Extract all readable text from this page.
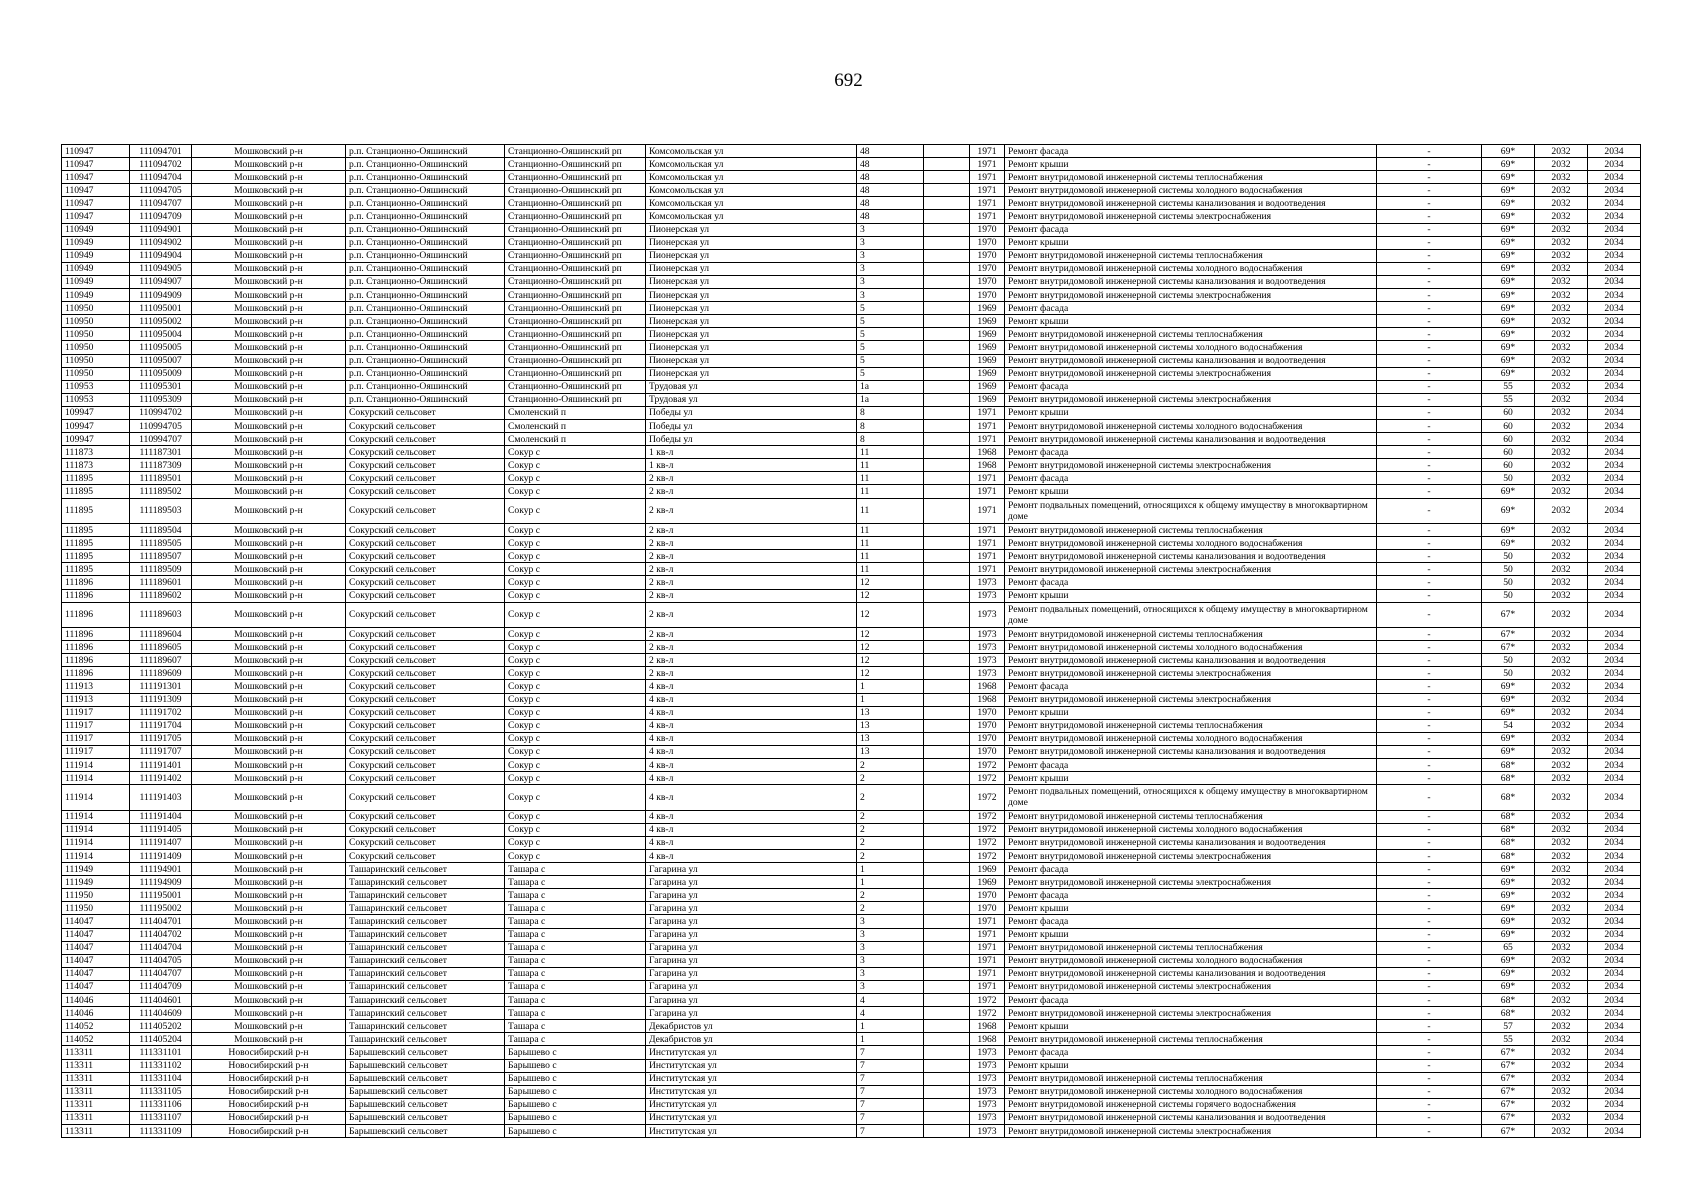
692
110947	111094701	Мошковский р-н	р.п. Станционно-Ояшинский	Станционно-Ояшинский рп	Комсомольская ул	48		1971	Ремонт фасада	-	69*	2032	2034
110947	111094702	Мошковский р-н	р.п. Станционно-Ояшинский	Станционно-Ояшинский рп	Комсомольская ул	48		1971	Ремонт крыши	-	69*	2032	2034
110947	111094704	Мошковский р-н	р.п. Станционно-Ояшинский	Станционно-Ояшинский рп	Комсомольская ул	48		1971	Ремонт внутридомовой инженерной системы теплоснабжения	-	69*	2032	2034
110947	111094705	Мошковский р-н	р.п. Станционно-Ояшинский	Станционно-Ояшинский рп	Комсомольская ул	48		1971	Ремонт внутридомовой инженерной системы холодного водоснабжения	-	69*	2032	2034
110947	111094707	Мошковский р-н	р.п. Станционно-Ояшинский	Станционно-Ояшинский рп	Комсомольская ул	48		1971	Ремонт внутридомовой инженерной системы канализования и водоотведения	-	69*	2032	2034
110947	111094709	Мошковский р-н	р.п. Станционно-Ояшинский	Станционно-Ояшинский рп	Комсомольская ул	48		1971	Ремонт внутридомовой инженерной системы электроснабжения	-	69*	2032	2034
110949	111094901	Мошковский р-н	р.п. Станционно-Ояшинский	Станционно-Ояшинский рп	Пионерская ул	3		1970	Ремонт фасада	-	69*	2032	2034
110949	111094902	Мошковский р-н	р.п. Станционно-Ояшинский	Станционно-Ояшинский рп	Пионерская ул	3		1970	Ремонт крыши	-	69*	2032	2034
110949	111094904	Мошковский р-н	р.п. Станционно-Ояшинский	Станционно-Ояшинский рп	Пионерская ул	3		1970	Ремонт внутридомовой инженерной системы теплоснабжения	-	69*	2032	2034
110949	111094905	Мошковский р-н	р.п. Станционно-Ояшинский	Станционно-Ояшинский рп	Пионерская ул	3		1970	Ремонт внутридомовой инженерной системы холодного водоснабжения	-	69*	2032	2034
110949	111094907	Мошковский р-н	р.п. Станционно-Ояшинский	Станционно-Ояшинский рп	Пионерская ул	3		1970	Ремонт внутридомовой инженерной системы канализования и водоотведения	-	69*	2032	2034
110949	111094909	Мошковский р-н	р.п. Станционно-Ояшинский	Станционно-Ояшинский рп	Пионерская ул	3		1970	Ремонт внутридомовой инженерной системы электроснабжения	-	69*	2032	2034
110950	111095001	Мошковский р-н	р.п. Станционно-Ояшинский	Станционно-Ояшинский рп	Пионерская ул	5		1969	Ремонт фасада	-	69*	2032	2034
110950	111095002	Мошковский р-н	р.п. Станционно-Ояшинский	Станционно-Ояшинский рп	Пионерская ул	5		1969	Ремонт крыши	-	69*	2032	2034
110950	111095004	Мошковский р-н	р.п. Станционно-Ояшинский	Станционно-Ояшинский рп	Пионерская ул	5		1969	Ремонт внутридомовой инженерной системы теплоснабжения	-	69*	2032	2034
110950	111095005	Мошковский р-н	р.п. Станционно-Ояшинский	Станционно-Ояшинский рп	Пионерская ул	5		1969	Ремонт внутридомовой инженерной системы холодного водоснабжения	-	69*	2032	2034
110950	111095007	Мошковский р-н	р.п. Станционно-Ояшинский	Станционно-Ояшинский рп	Пионерская ул	5		1969	Ремонт внутридомовой инженерной системы канализования и водоотведения	-	69*	2032	2034
110950	111095009	Мошковский р-н	р.п. Станционно-Ояшинский	Станционно-Ояшинский рп	Пионерская ул	5		1969	Ремонт внутридомовой инженерной системы электроснабжения	-	69*	2032	2034
110953	111095301	Мошковский р-н	р.п. Станционно-Ояшинский	Станционно-Ояшинский рп	Трудовая ул	1а		1969	Ремонт фасада	-	55	2032	2034
110953	111095309	Мошковский р-н	р.п. Станционно-Ояшинский	Станционно-Ояшинский рп	Трудовая ул	1а		1969	Ремонт внутридомовой инженерной системы электроснабжения	-	55	2032	2034
109947	110994702	Мошковский р-н	Сокурский сельсовет	Смоленский п	Победы ул	8		1971	Ремонт крыши	-	60	2032	2034
109947	110994705	Мошковский р-н	Сокурский сельсовет	Смоленский п	Победы ул	8		1971	Ремонт внутридомовой инженерной системы холодного водоснабжения	-	60	2032	2034
109947	110994707	Мошковский р-н	Сокурский сельсовет	Смоленский п	Победы ул	8		1971	Ремонт внутридомовой инженерной системы канализования и водоотведения	-	60	2032	2034
111873	111187301	Мошковский р-н	Сокурский сельсовет	Сокур с	1 кв-л	11		1968	Ремонт фасада	-	60	2032	2034
111873	111187309	Мошковский р-н	Сокурский сельсовет	Сокур с	1 кв-л	11		1968	Ремонт внутридомовой инженерной системы электроснабжения	-	60	2032	2034
111895	111189501	Мошковский р-н	Сокурский сельсовет	Сокур с	2 кв-л	11		1971	Ремонт фасада	-	50	2032	2034
111895	111189502	Мошковский р-н	Сокурский сельсовет	Сокур с	2 кв-л	11		1971	Ремонт крыши	-	69*	2032	2034
111895	111189503	Мошковский р-н	Сокурский сельсовет	Сокур с	2 кв-л	11		1971	Ремонт подвальных помещений, относящихся к общему имуществу в многоквартирном доме	-	69*	2032	2034
111895	111189504	Мошковский р-н	Сокурский сельсовет	Сокур с	2 кв-л	11		1971	Ремонт внутридомовой инженерной системы теплоснабжения	-	69*	2032	2034
111895	111189505	Мошковский р-н	Сокурский сельсовет	Сокур с	2 кв-л	11		1971	Ремонт внутридомовой инженерной системы холодного водоснабжения	-	69*	2032	2034
111895	111189507	Мошковский р-н	Сокурский сельсовет	Сокур с	2 кв-л	11		1971	Ремонт внутридомовой инженерной системы канализования и водоотведения	-	50	2032	2034
111895	111189509	Мошковский р-н	Сокурский сельсовет	Сокур с	2 кв-л	11		1971	Ремонт внутридомовой инженерной системы электроснабжения	-	50	2032	2034
111896	111189601	Мошковский р-н	Сокурский сельсовет	Сокур с	2 кв-л	12		1973	Ремонт фасада	-	50	2032	2034
111896	111189602	Мошковский р-н	Сокурский сельсовет	Сокур с	2 кв-л	12		1973	Ремонт крыши	-	50	2032	2034
111896	111189603	Мошковский р-н	Сокурский сельсовет	Сокур с	2 кв-л	12		1973	Ремонт подвальных помещений, относящихся к общему имуществу в многоквартирном доме	-	67*	2032	2034
111896	111189604	Мошковский р-н	Сокурский сельсовет	Сокур с	2 кв-л	12		1973	Ремонт внутридомовой инженерной системы теплоснабжения	-	67*	2032	2034
111896	111189605	Мошковский р-н	Сокурский сельсовет	Сокур с	2 кв-л	12		1973	Ремонт внутридомовой инженерной системы холодного водоснабжения	-	67*	2032	2034
111896	111189607	Мошковский р-н	Сокурский сельсовет	Сокур с	2 кв-л	12		1973	Ремонт внутридомовой инженерной системы канализования и водоотведения	-	50	2032	2034
111896	111189609	Мошковский р-н	Сокурский сельсовет	Сокур с	2 кв-л	12		1973	Ремонт внутридомовой инженерной системы электроснабжения	-	50	2032	2034
111913	111191301	Мошковский р-н	Сокурский сельсовет	Сокур с	4 кв-л	1		1968	Ремонт фасада	-	69*	2032	2034
111913	111191309	Мошковский р-н	Сокурский сельсовет	Сокур с	4 кв-л	1		1968	Ремонт внутридомовой инженерной системы электроснабжения	-	69*	2032	2034
111917	111191702	Мошковский р-н	Сокурский сельсовет	Сокур с	4 кв-л	13		1970	Ремонт крыши	-	69*	2032	2034
111917	111191704	Мошковский р-н	Сокурский сельсовет	Сокур с	4 кв-л	13		1970	Ремонт внутридомовой инженерной системы теплоснабжения	-	54	2032	2034
111917	111191705	Мошковский р-н	Сокурский сельсовет	Сокур с	4 кв-л	13		1970	Ремонт внутридомовой инженерной системы холодного водоснабжения	-	69*	2032	2034
111917	111191707	Мошковский р-н	Сокурский сельсовет	Сокур с	4 кв-л	13		1970	Ремонт внутридомовой инженерной системы канализования и водоотведения	-	69*	2032	2034
111914	111191401	Мошковский р-н	Сокурский сельсовет	Сокур с	4 кв-л	2		1972	Ремонт фасада	-	68*	2032	2034
111914	111191402	Мошковский р-н	Сокурский сельсовет	Сокур с	4 кв-л	2		1972	Ремонт крыши	-	68*	2032	2034
111914	111191403	Мошковский р-н	Сокурский сельсовет	Сокур с	4 кв-л	2		1972	Ремонт подвальных помещений, относящихся к общему имуществу в многоквартирном доме	-	68*	2032	2034
111914	111191404	Мошковский р-н	Сокурский сельсовет	Сокур с	4 кв-л	2		1972	Ремонт внутридомовой инженерной системы теплоснабжения	-	68*	2032	2034
111914	111191405	Мошковский р-н	Сокурский сельсовет	Сокур с	4 кв-л	2		1972	Ремонт внутридомовой инженерной системы холодного водоснабжения	-	68*	2032	2034
111914	111191407	Мошковский р-н	Сокурский сельсовет	Сокур с	4 кв-л	2		1972	Ремонт внутридомовой инженерной системы канализования и водоотведения	-	68*	2032	2034
111914	111191409	Мошковский р-н	Сокурский сельсовет	Сокур с	4 кв-л	2		1972	Ремонт внутридомовой инженерной системы электроснабжения	-	68*	2032	2034
111949	111194901	Мошковский р-н	Ташаринский сельсовет	Ташара с	Гагарина ул	1		1969	Ремонт фасада	-	69*	2032	2034
111949	111194909	Мошковский р-н	Ташаринский сельсовет	Ташара с	Гагарина ул	1		1969	Ремонт внутридомовой инженерной системы электроснабжения	-	69*	2032	2034
111950	111195001	Мошковский р-н	Ташаринский сельсовет	Ташара с	Гагарина ул	2		1970	Ремонт фасада	-	69*	2032	2034
111950	111195002	Мошковский р-н	Ташаринский сельсовет	Ташара с	Гагарина ул	2		1970	Ремонт крыши	-	69*	2032	2034
114047	111404701	Мошковский р-н	Ташаринский сельсовет	Ташара с	Гагарина ул	3		1971	Ремонт фасада	-	69*	2032	2034
114047	111404702	Мошковский р-н	Ташаринский сельсовет	Ташара с	Гагарина ул	3		1971	Ремонт крыши	-	69*	2032	2034
114047	111404704	Мошковский р-н	Ташаринский сельсовет	Ташара с	Гагарина ул	3		1971	Ремонт внутридомовой инженерной системы теплоснабжения	-	65	2032	2034
114047	111404705	Мошковский р-н	Ташаринский сельсовет	Ташара с	Гагарина ул	3		1971	Ремонт внутридомовой инженерной системы холодного водоснабжения	-	69*	2032	2034
114047	111404707	Мошковский р-н	Ташаринский сельсовет	Ташара с	Гагарина ул	3		1971	Ремонт внутридомовой инженерной системы канализования и водоотведения	-	69*	2032	2034
114047	111404709	Мошковский р-н	Ташаринский сельсовет	Ташара с	Гагарина ул	3		1971	Ремонт внутридомовой инженерной системы электроснабжения	-	69*	2032	2034
114046	111404601	Мошковский р-н	Ташаринский сельсовет	Ташара с	Гагарина ул	4		1972	Ремонт фасада	-	68*	2032	2034
114046	111404609	Мошковский р-н	Ташаринский сельсовет	Ташара с	Гагарина ул	4		1972	Ремонт внутридомовой инженерной системы электроснабжения	-	68*	2032	2034
114052	111405202	Мошковский р-н	Ташаринский сельсовет	Ташара с	Декабристов ул	1		1968	Ремонт крыши	-	57	2032	2034
114052	111405204	Мошковский р-н	Ташаринский сельсовет	Ташара с	Декабристов ул	1		1968	Ремонт внутридомовой инженерной системы теплоснабжения	-	55	2032	2034
113311	111331101	Новосибирский р-н	Барышевский сельсовет	Барышево с	Институтская ул	7		1973	Ремонт фасада	-	67*	2032	2034
113311	111331102	Новосибирский р-н	Барышевский сельсовет	Барышево с	Институтская ул	7		1973	Ремонт крыши	-	67*	2032	2034
113311	111331104	Новосибирский р-н	Барышевский сельсовет	Барышево с	Институтская ул	7		1973	Ремонт внутридомовой инженерной системы теплоснабжения	-	67*	2032	2034
113311	111331105	Новосибирский р-н	Барышевский сельсовет	Барышево с	Институтская ул	7		1973	Ремонт внутридомовой инженерной системы холодного водоснабжения	-	67*	2032	2034
113311	111331106	Новосибирский р-н	Барышевский сельсовет	Барышево с	Институтская ул	7		1973	Ремонт внутридомовой инженерной системы горячего водоснабжения	-	67*	2032	2034
113311	111331107	Новосибирский р-н	Барышевский сельсовет	Барышево с	Институтская ул	7		1973	Ремонт внутридомовой инженерной системы канализования и водоотведения	-	67*	2032	2034
113311	111331109	Новосибирский р-н	Барышевский сельсовет	Барышево с	Институтская ул	7		1973	Ремонт внутридомовой инженерной системы электроснабжения	-	67*	2032	2034
